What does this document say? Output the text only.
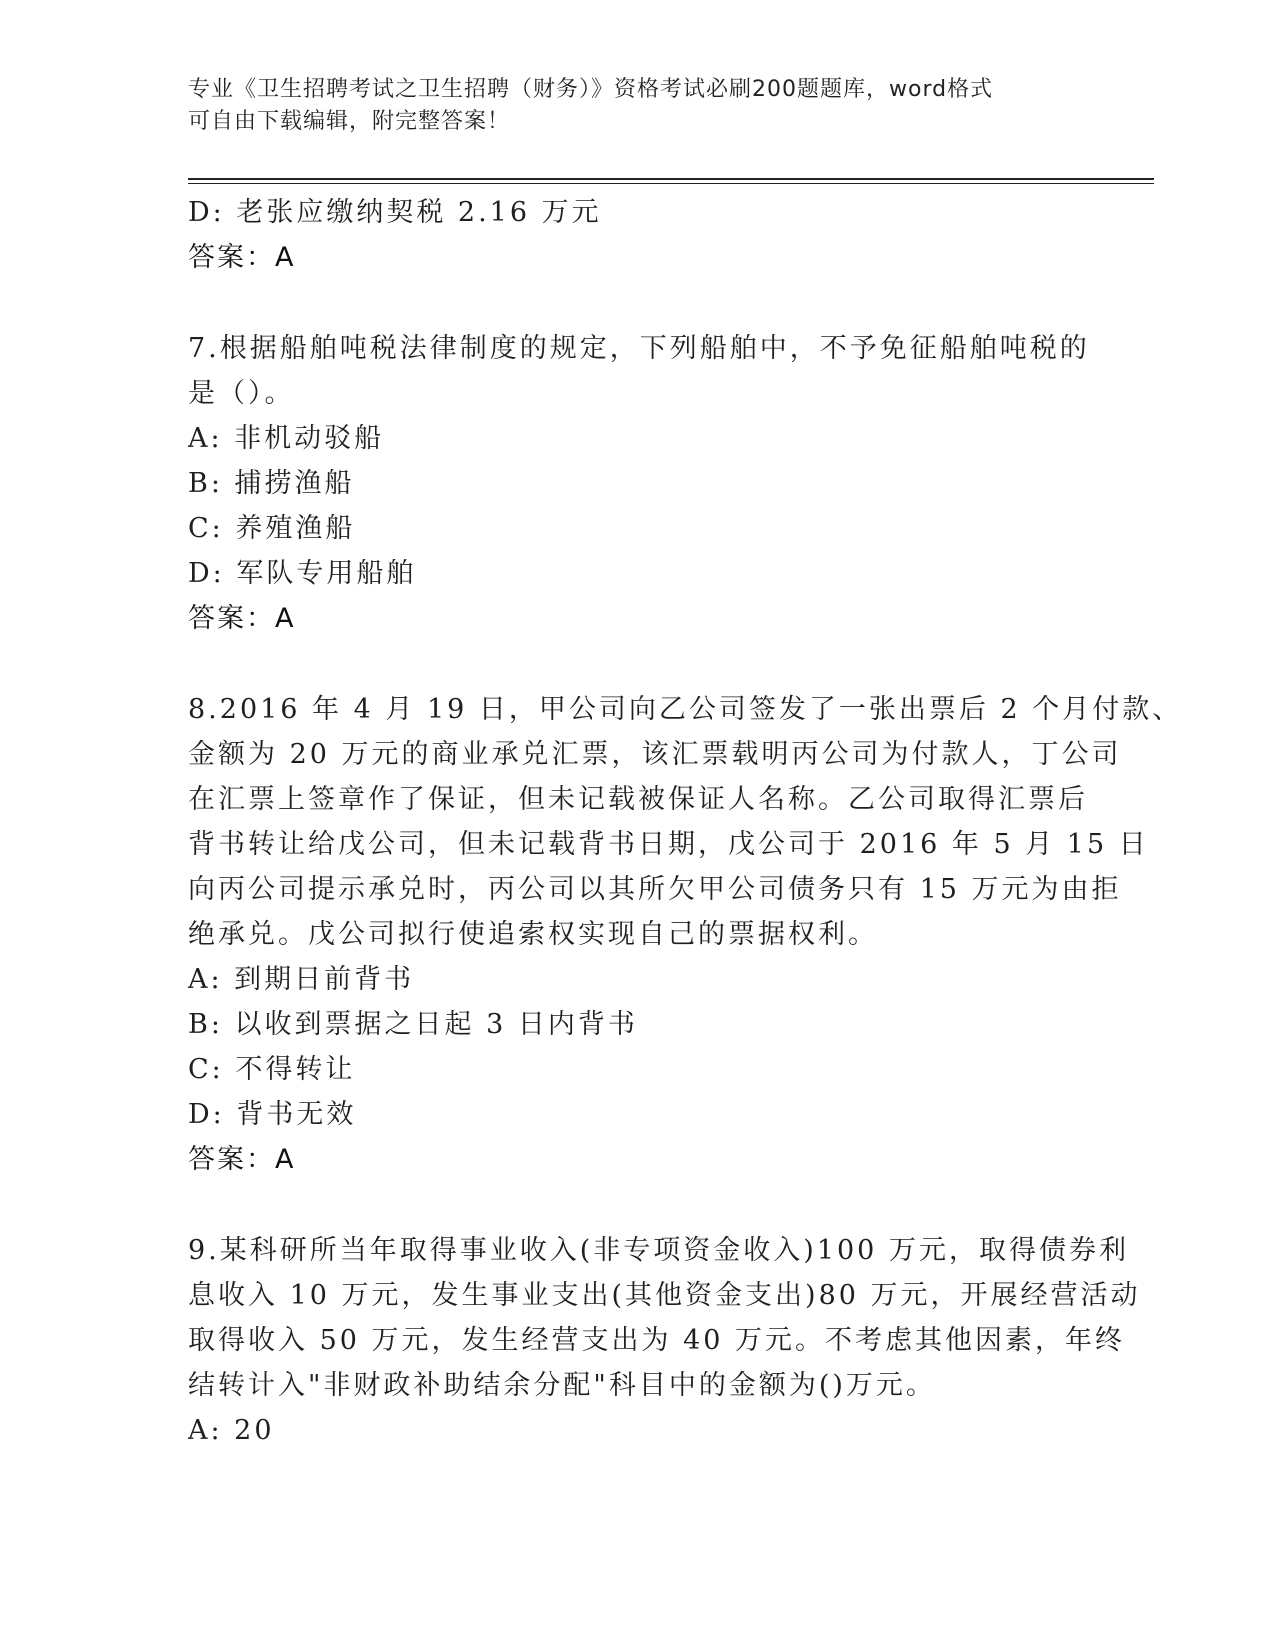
专业《卫生招聘考试之卫生招聘（财务）》资格考试必刷200题题库，word格式
可自由下载编辑，附完整答案！
D: 老张应缴纳契税 2.16 万元
答案：A
7.根据船舶吨税法律制度的规定，下列船舶中，不予免征船舶吨税的
是（）。
A: 非机动驳船
B: 捕捞渔船
C: 养殖渔船
D: 军队专用船舶
答案：A
8.2016 年 4 月 19 日，甲公司向乙公司签发了一张出票后 2 个月付款、
金额为 20 万元的商业承兑汇票，该汇票载明丙公司为付款人，丁公司
在汇票上签章作了保证，但未记载被保证人名称。乙公司取得汇票后
背书转让给戊公司，但未记载背书日期，戊公司于 2016 年 5 月 15 日
向丙公司提示承兑时，丙公司以其所欠甲公司债务只有 15 万元为由拒
绝承兑。戊公司拟行使追索权实现自己的票据权利。
A: 到期日前背书
B: 以收到票据之日起 3 日内背书
C: 不得转让
D: 背书无效
答案：A
9.某科研所当年取得事业收入(非专项资金收入)100 万元，取得债券利
息收入 10 万元，发生事业支出(其他资金支出)80 万元，开展经营活动
取得收入 50 万元，发生经营支出为 40 万元。不考虑其他因素，年终
结转计入"非财政补助结余分配"科目中的金额为()万元。
A: 20
